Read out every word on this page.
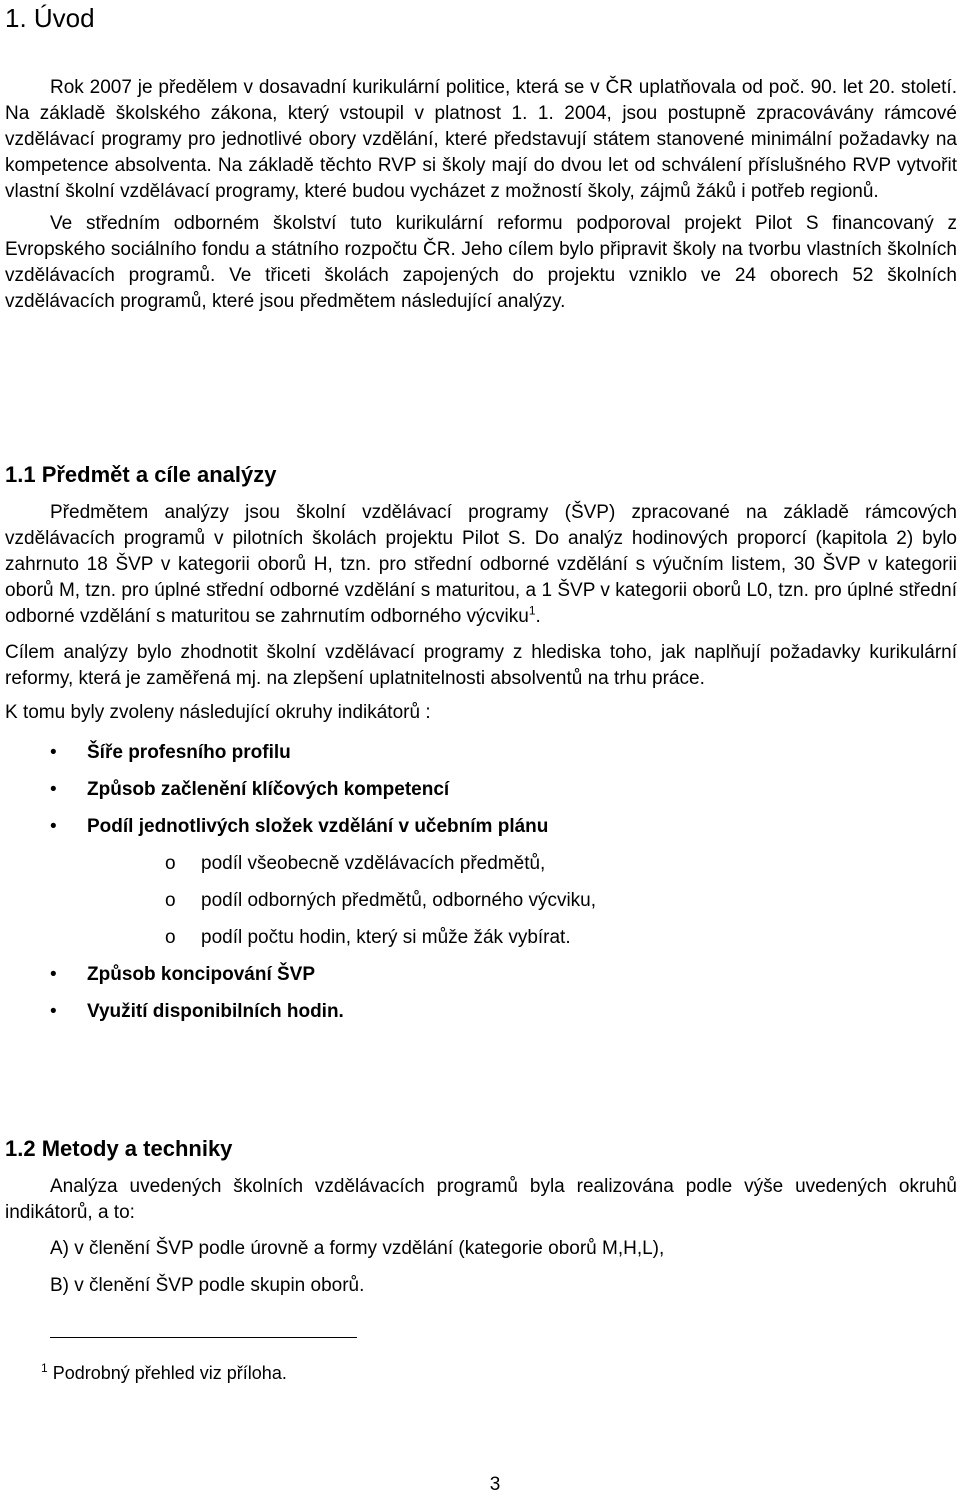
1. Úvod

Rok 2007 je předělem v dosavadní kurikulární politice, která se v ČR uplatňovala od poč. 90. let 20. století. Na základě školského zákona, který vstoupil v platnost 1. 1. 2004, jsou postupně zpracovávány rámcové vzdělávací programy pro jednotlivé obory vzdělání, které představují státem stanovené minimální požadavky na kompetence absolventa. Na základě těchto RVP si školy mají do dvou let od schválení příslušného RVP vytvořit vlastní školní vzdělávací programy, které budou vycházet z možností školy, zájmů žáků i potřeb regionů.

Ve středním odborném školství tuto kurikulární reformu podporoval projekt Pilot S financovaný z Evropského sociálního fondu a státního rozpočtu ČR. Jeho cílem bylo připravit školy na tvorbu vlastních školních vzdělávacích programů. Ve třiceti školách zapojených do projektu vzniklo ve 24 oborech 52 školních vzdělávacích programů, které jsou předmětem následující analýzy.

1.1 Předmět a cíle analýzy

Předmětem analýzy jsou školní vzdělávací programy (ŠVP) zpracované na základě rámcových vzdělávacích programů v pilotních školách projektu Pilot S. Do analýz hodinových proporcí (kapitola 2) bylo zahrnuto 18 ŠVP v kategorii oborů H, tzn. pro střední odborné vzdělání s výučním listem, 30 ŠVP v kategorii oborů M, tzn. pro úplné střední odborné vzdělání s maturitou, a 1 ŠVP v kategorii oborů L0, tzn. pro úplné střední odborné vzdělání s maturitou se zahrnutím odborného výcviku$^1$.

Cílem analýzy bylo zhodnotit školní vzdělávací programy z hlediska toho, jak naplňují požadavky kurikulární reformy, která je zaměřená mj. na zlepšení uplatnitelnosti absolventů na trhu práce.

K tomu byly zvoleny následující okruhy indikátorů :

• Šíře profesního profilu
• Způsob začlenění klíčových kompetencí
• Podíl jednotlivých složek vzdělání v učebním plánu
o podíl všeobecně vzdělávacích předmětů,
o podíl odborných předmětů, odborného výcviku,
o podíl počtu hodin, který si může žák vybírat.
• Způsob koncipování ŠVP
• Využití disponibilních hodin.
1.2 Metody a techniky

Analýza uvedených školních vzdělávacích programů byla realizována podle výše uvedených okruhů indikátorů, a to:

A) v členění ŠVP podle úrovně a formy vzdělání (kategorie oborů M,H,L),
B) v členění ŠVP podle skupin oborů.
$^1$ Podrobný přehled viz příloha.
3
